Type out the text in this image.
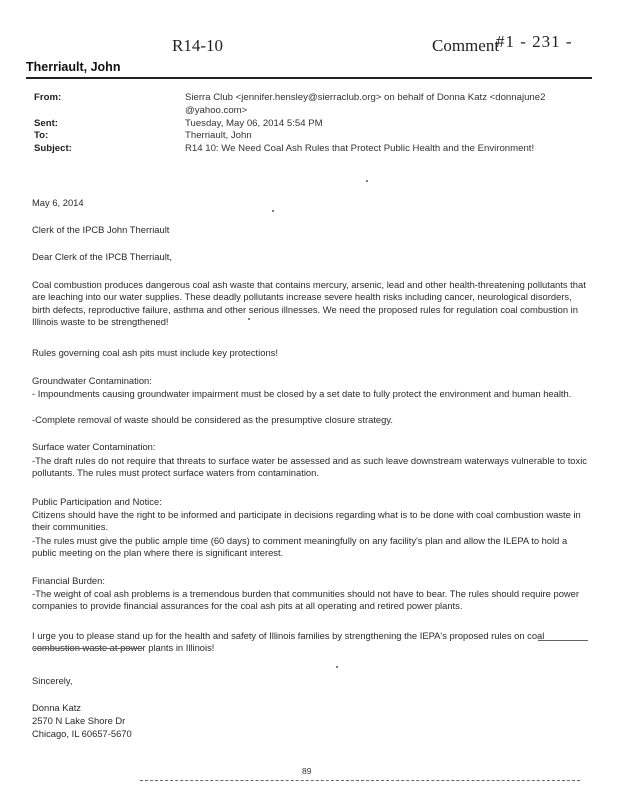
R14-10	Comment
#1 - 231 -
Therriault, John
From:	Sierra Club <jennifer.hensley@sierraclub.org> on behalf of Donna Katz <donnajune2 @yahoo.com>
Sent:	Tuesday, May 06, 2014 5:54 PM
To:	Therriault, John
Subject:	R14 10: We Need Coal Ash Rules that Protect Public Health and the Environment!
May 6, 2014
Clerk of the IPCB John Therriault
Dear Clerk of the IPCB Therriault,
Coal combustion produces dangerous coal ash waste that contains mercury, arsenic, lead and other health-threatening pollutants that are leaching into our water supplies. These deadly pollutants increase severe health risks including cancer, neurological disorders, birth defects, reproductive failure, asthma and other serious illnesses. We need the proposed rules for regulation coal combustion in Illinois waste to be strengthened!
Rules governing coal ash pits must include key protections!
Groundwater Contamination:
- Impoundments causing groundwater impairment must be closed by a set date to fully protect the environment and human health.
-Complete removal of waste should be considered as the presumptive closure strategy.
Surface water Contamination:
-The draft rules do not require that threats to surface water be assessed and as such leave downstream waterways vulnerable to toxic pollutants. The rules must protect surface waters from contamination.
Public Participation and Notice:
Citizens should have the right to be informed and participate in decisions regarding what is to be done with coal combustion waste in their communities.
-The rules must give the public ample time (60 days) to comment meaningfully on any facility's plan and allow the ILEPA to hold a public meeting on the plan where there is significant interest.
Financial Burden:
-The weight of coal ash problems is a tremendous burden that communities should not have to bear. The rules should require power companies to provide financial assurances for the coal ash pits at all operating and retired power plants.
I urge you to please stand up for the health and safety of Illinois families by strengthening the IEPA's proposed rules on coal combustion waste at power plants in Illinois!
Sincerely,
Donna Katz
2570 N Lake Shore Dr
Chicago, IL 60657-5670
89
